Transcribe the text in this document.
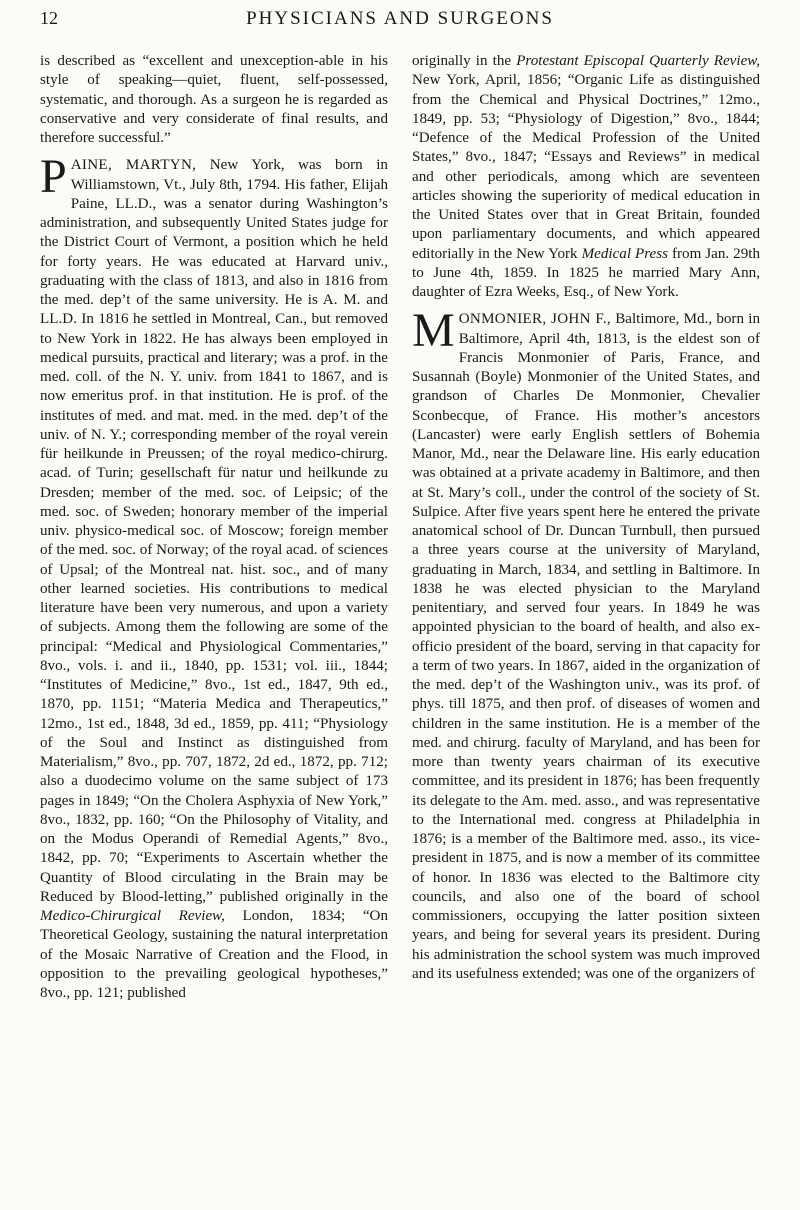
12	PHYSICIANS AND SURGEONS

is described as “excellent and unexception-able in his style of speaking—quiet, fluent, self-possessed, systematic, and thorough. As a surgeon he is regarded as conservative and very considerate of final results, and therefore successful.”

PAINE, MARTYN, New York, was born in Williamstown, Vt., July 8th, 1794. His father, Elijah Paine, LL.D., was a senator during Washington’s administration, and subsequently United States judge for the District Court of Vermont, a position which he held for forty years. He was educated at Harvard univ., graduating with the class of 1813, and also in 1816 from the med. dep’t of the same university. He is A. M. and LL.D. In 1816 he settled in Montreal, Can., but removed to New York in 1822. He has always been employed in medical pursuits, practical and literary; was a prof. in the med. coll. of the N. Y. univ. from 1841 to 1867, and is now emeritus prof. in that institution. He is prof. of the institutes of med. and mat. med. in the med. dep’t of the univ. of N. Y.; corresponding member of the royal verein für heilkunde in Preussen; of the royal medico-chirurg. acad. of Turin; gesellschaft für natur und heilkunde zu Dresden; member of the med. soc. of Leipsic; of the med. soc. of Sweden; honorary member of the imperial univ. physico-medical soc. of Moscow; foreign member of the med. soc. of Norway; of the royal acad. of sciences of Upsal; of the Montreal nat. hist. soc., and of many other learned societies. His contributions to medical literature have been very numerous, and upon a variety of subjects. Among them the following are some of the principal: “Medical and Physiological Commentaries,” 8vo., vols. i. and ii., 1840, pp. 1531; vol. iii., 1844; “Institutes of Medicine,” 8vo., 1st ed., 1847, 9th ed., 1870, pp. 1151; “Materia Medica and Therapeutics,” 12mo., 1st ed., 1848, 3d ed., 1859, pp. 411; “Physiology of the Soul and Instinct as distinguished from Materialism,” 8vo., pp. 707, 1872, 2d ed., 1872, pp. 712; also a duodecimo volume on the same subject of 173 pages in 1849; “On the Cholera Asphyxia of New York,” 8vo., 1832, pp. 160; “On the Philosophy of Vitality, and on the Modus Operandi of Remedial Agents,” 8vo., 1842, pp. 70; “Experiments to Ascertain whether the Quantity of Blood circulating in the Brain may be Reduced by Blood-letting,” published originally in the Medico-Chirurgical Review, London, 1834; “On Theoretical Geology, sustaining the natural interpretation of the Mosaic Narrative of Creation and the Flood, in opposition to the prevailing geological hypotheses,” 8vo., pp. 121; published

originally in the Protestant Episcopal Quarterly Review, New York, April, 1856; “Organic Life as distinguished from the Chemical and Physical Doctrines,” 12mo., 1849, pp. 53; “Physiology of Digestion,” 8vo., 1844; “Defence of the Medical Profession of the United States,” 8vo., 1847; “Essays and Reviews” in medical and other periodicals, among which are seventeen articles showing the superiority of medical education in the United States over that in Great Britain, founded upon parliamentary documents, and which appeared editorially in the New York Medical Press from Jan. 29th to June 4th, 1859. In 1825 he married Mary Ann, daughter of Ezra Weeks, Esq., of New York.

MONMONIER, JOHN F., Baltimore, Md., born in Baltimore, April 4th, 1813, is the eldest son of Francis Monmonier of Paris, France, and Susannah (Boyle) Monmonier of the United States, and grandson of Charles De Monmonier, Chevalier Sconbecque, of France. His mother’s ancestors (Lancaster) were early English settlers of Bohemia Manor, Md., near the Delaware line. His early education was obtained at a private academy in Baltimore, and then at St. Mary’s coll., under the control of the society of St. Sulpice. After five years spent here he entered the private anatomical school of Dr. Duncan Turnbull, then pursued a three years course at the university of Maryland, graduating in March, 1834, and settling in Baltimore. In 1838 he was elected physician to the Maryland penitentiary, and served four years. In 1849 he was appointed physician to the board of health, and also ex-officio president of the board, serving in that capacity for a term of two years. In 1867, aided in the organization of the med. dep’t of the Washington univ., was its prof. of phys. till 1875, and then prof. of diseases of women and children in the same institution. He is a member of the med. and chirurg. faculty of Maryland, and has been for more than twenty years chairman of its executive committee, and its president in 1876; has been frequently its delegate to the Am. med. asso., and was representative to the International med. congress at Philadelphia in 1876; is a member of the Baltimore med. asso., its vice-president in 1875, and is now a member of its committee of honor. In 1836 was elected to the Baltimore city councils, and also one of the board of school commissioners, occupying the latter position sixteen years, and being for several years its president. During his administration the school system was much improved and its usefulness extended; was one of the organizers of
